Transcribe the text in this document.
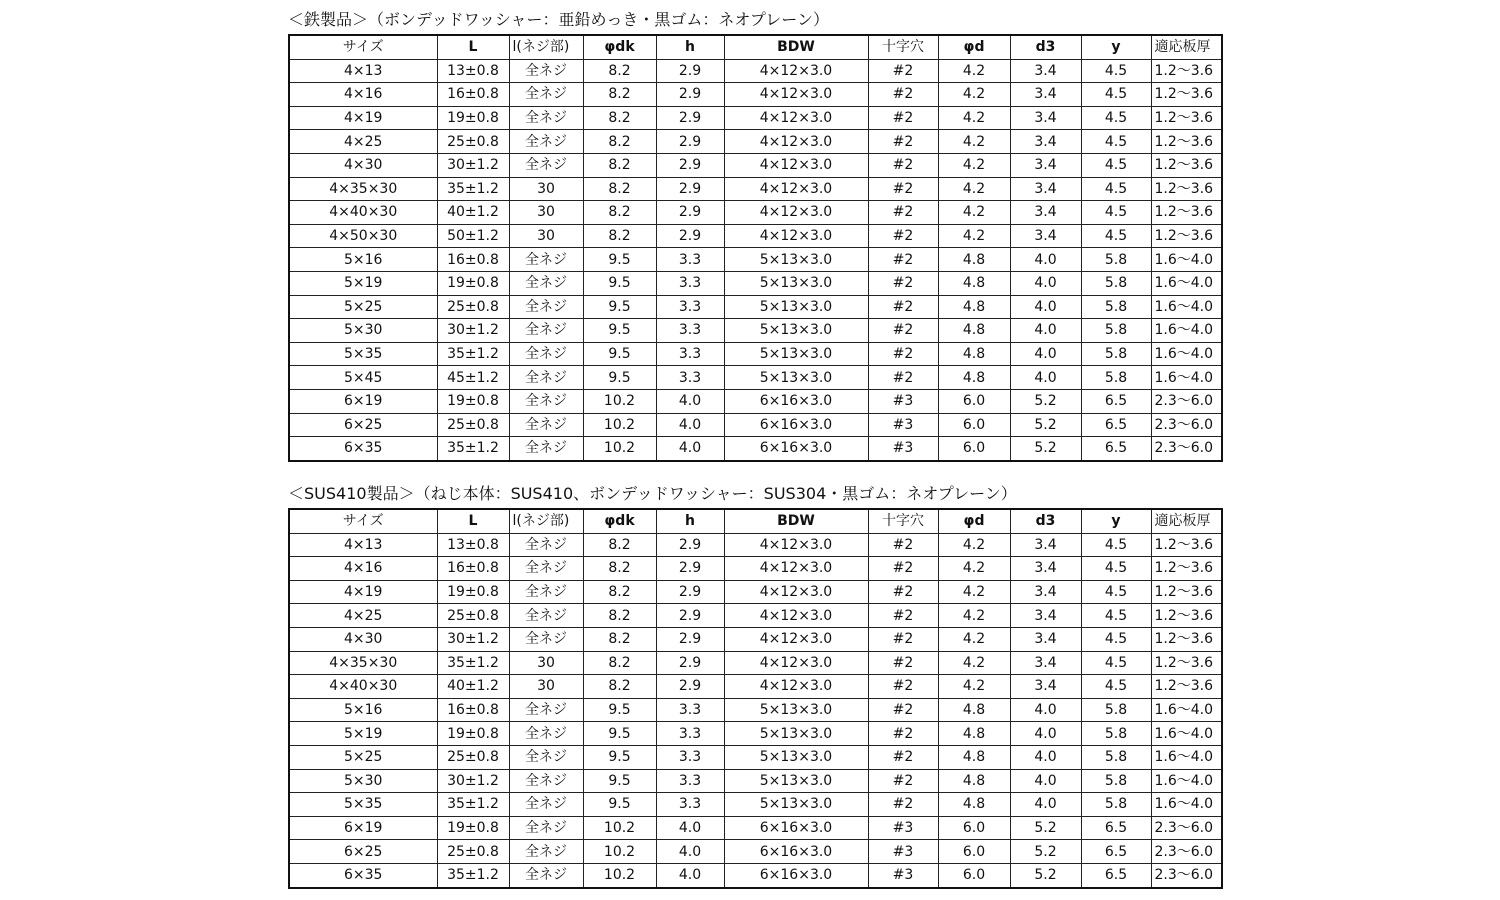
＜鉄製品＞（ボンデッドワッシャー：亜鉛めっき・黒ゴム：ネオプレーン）
サイズ	L	l(ネジ部)	φdk	h	BDW	十字穴	φd	d3	y	適応板厚
4×13	13±0.8	全ネジ	8.2	2.9	4×12×3.0	#2	4.2	3.4	4.5	1.2〜3.6
4×16	16±0.8	全ネジ	8.2	2.9	4×12×3.0	#2	4.2	3.4	4.5	1.2〜3.6
4×19	19±0.8	全ネジ	8.2	2.9	4×12×3.0	#2	4.2	3.4	4.5	1.2〜3.6
4×25	25±0.8	全ネジ	8.2	2.9	4×12×3.0	#2	4.2	3.4	4.5	1.2〜3.6
4×30	30±1.2	全ネジ	8.2	2.9	4×12×3.0	#2	4.2	3.4	4.5	1.2〜3.6
4×35×30	35±1.2	30	8.2	2.9	4×12×3.0	#2	4.2	3.4	4.5	1.2〜3.6
4×40×30	40±1.2	30	8.2	2.9	4×12×3.0	#2	4.2	3.4	4.5	1.2〜3.6
4×50×30	50±1.2	30	8.2	2.9	4×12×3.0	#2	4.2	3.4	4.5	1.2〜3.6
5×16	16±0.8	全ネジ	9.5	3.3	5×13×3.0	#2	4.8	4.0	5.8	1.6〜4.0
5×19	19±0.8	全ネジ	9.5	3.3	5×13×3.0	#2	4.8	4.0	5.8	1.6〜4.0
5×25	25±0.8	全ネジ	9.5	3.3	5×13×3.0	#2	4.8	4.0	5.8	1.6〜4.0
5×30	30±1.2	全ネジ	9.5	3.3	5×13×3.0	#2	4.8	4.0	5.8	1.6〜4.0
5×35	35±1.2	全ネジ	9.5	3.3	5×13×3.0	#2	4.8	4.0	5.8	1.6〜4.0
5×45	45±1.2	全ネジ	9.5	3.3	5×13×3.0	#2	4.8	4.0	5.8	1.6〜4.0
6×19	19±0.8	全ネジ	10.2	4.0	6×16×3.0	#3	6.0	5.2	6.5	2.3〜6.0
6×25	25±0.8	全ネジ	10.2	4.0	6×16×3.0	#3	6.0	5.2	6.5	2.3〜6.0
6×35	35±1.2	全ネジ	10.2	4.0	6×16×3.0	#3	6.0	5.2	6.5	2.3〜6.0
＜SUS410製品＞（ねじ本体：SUS410、ボンデッドワッシャー：SUS304・黒ゴム：ネオプレーン）
サイズ	L	l(ネジ部)	φdk	h	BDW	十字穴	φd	d3	y	適応板厚
4×13	13±0.8	全ネジ	8.2	2.9	4×12×3.0	#2	4.2	3.4	4.5	1.2〜3.6
4×16	16±0.8	全ネジ	8.2	2.9	4×12×3.0	#2	4.2	3.4	4.5	1.2〜3.6
4×19	19±0.8	全ネジ	8.2	2.9	4×12×3.0	#2	4.2	3.4	4.5	1.2〜3.6
4×25	25±0.8	全ネジ	8.2	2.9	4×12×3.0	#2	4.2	3.4	4.5	1.2〜3.6
4×30	30±1.2	全ネジ	8.2	2.9	4×12×3.0	#2	4.2	3.4	4.5	1.2〜3.6
4×35×30	35±1.2	30	8.2	2.9	4×12×3.0	#2	4.2	3.4	4.5	1.2〜3.6
4×40×30	40±1.2	30	8.2	2.9	4×12×3.0	#2	4.2	3.4	4.5	1.2〜3.6
5×16	16±0.8	全ネジ	9.5	3.3	5×13×3.0	#2	4.8	4.0	5.8	1.6〜4.0
5×19	19±0.8	全ネジ	9.5	3.3	5×13×3.0	#2	4.8	4.0	5.8	1.6〜4.0
5×25	25±0.8	全ネジ	9.5	3.3	5×13×3.0	#2	4.8	4.0	5.8	1.6〜4.0
5×30	30±1.2	全ネジ	9.5	3.3	5×13×3.0	#2	4.8	4.0	5.8	1.6〜4.0
5×35	35±1.2	全ネジ	9.5	3.3	5×13×3.0	#2	4.8	4.0	5.8	1.6〜4.0
6×19	19±0.8	全ネジ	10.2	4.0	6×16×3.0	#3	6.0	5.2	6.5	2.3〜6.0
6×25	25±0.8	全ネジ	10.2	4.0	6×16×3.0	#3	6.0	5.2	6.5	2.3〜6.0
6×35	35±1.2	全ネジ	10.2	4.0	6×16×3.0	#3	6.0	5.2	6.5	2.3〜6.0
